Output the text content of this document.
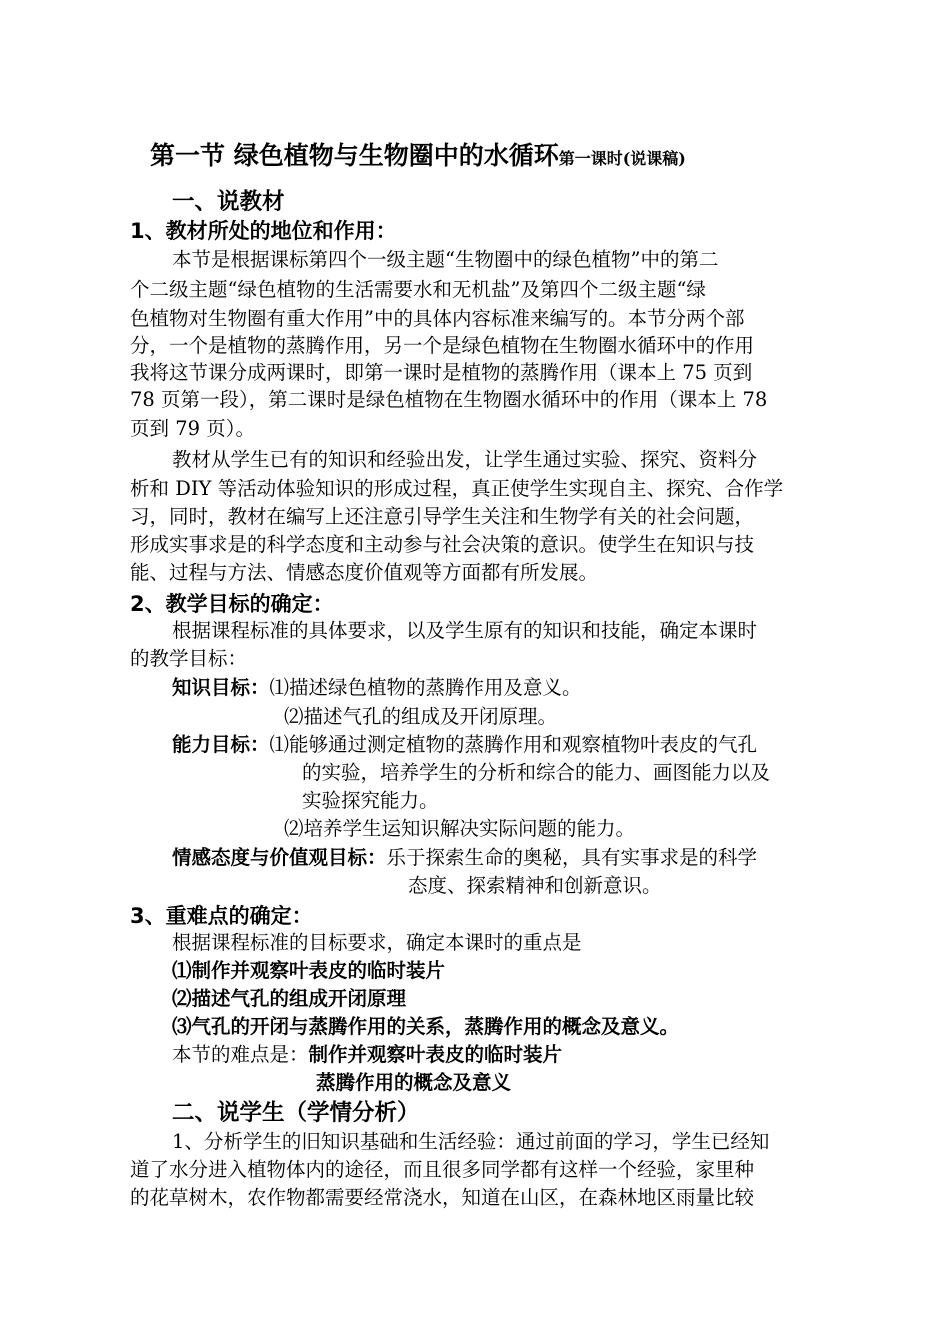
第一节 绿色植物与生物圈中的水循环第一课时(说课稿)
一、说教材
1、教材所处的地位和作用：
本节是根据课标第四个一级主题“生物圈中的绿色植物”中的第二
个二级主题“绿色植物的生活需要水和无机盐”及第四个二级主题“绿
色植物对生物圈有重大作用”中的具体内容标准来编写的。本节分两个部
分，一个是植物的蒸腾作用，另一个是绿色植物在生物圈水循环中的作用
我将这节课分成两课时，即第一课时是植物的蒸腾作用（课本上 75 页到
78 页第一段），第二课时是绿色植物在生物圈水循环中的作用（课本上 78
页到 79 页）。
教材从学生已有的知识和经验出发，让学生通过实验、探究、资料分
析和 DIY 等活动体验知识的形成过程，真正使学生实现自主、探究、合作学
习，同时，教材在编写上还注意引导学生关注和生物学有关的社会问题，
形成实事求是的科学态度和主动参与社会决策的意识。使学生在知识与技
能、过程与方法、情感态度价值观等方面都有所发展。
2、教学目标的确定：
根据课程标准的具体要求，以及学生原有的知识和技能，确定本课时
的教学目标：
知识目标：⑴描述绿色植物的蒸腾作用及意义。
⑵描述气孔的组成及开闭原理。
能力目标：⑴能够通过测定植物的蒸腾作用和观察植物叶表皮的气孔
的实验，培养学生的分析和综合的能力、画图能力以及
实验探究能力。
⑵培养学生运知识解决实际问题的能力。
情感态度与价值观目标：乐于探索生命的奥秘，具有实事求是的科学
态度、探索精神和创新意识。
3、重难点的确定：
根据课程标准的目标要求，确定本课时的重点是
⑴制作并观察叶表皮的临时装片
⑵描述气孔的组成开闭原理
⑶气孔的开闭与蒸腾作用的关系，蒸腾作用的概念及意义。
本节的难点是：制作并观察叶表皮的临时装片
蒸腾作用的概念及意义
二、说学生（学情分析）
1、分析学生的旧知识基础和生活经验：通过前面的学习，学生已经知
道了水分进入植物体内的途径，而且很多同学都有这样一个经验，家里种
的花草树木，农作物都需要经常浇水，知道在山区，在森林地区雨量比较
